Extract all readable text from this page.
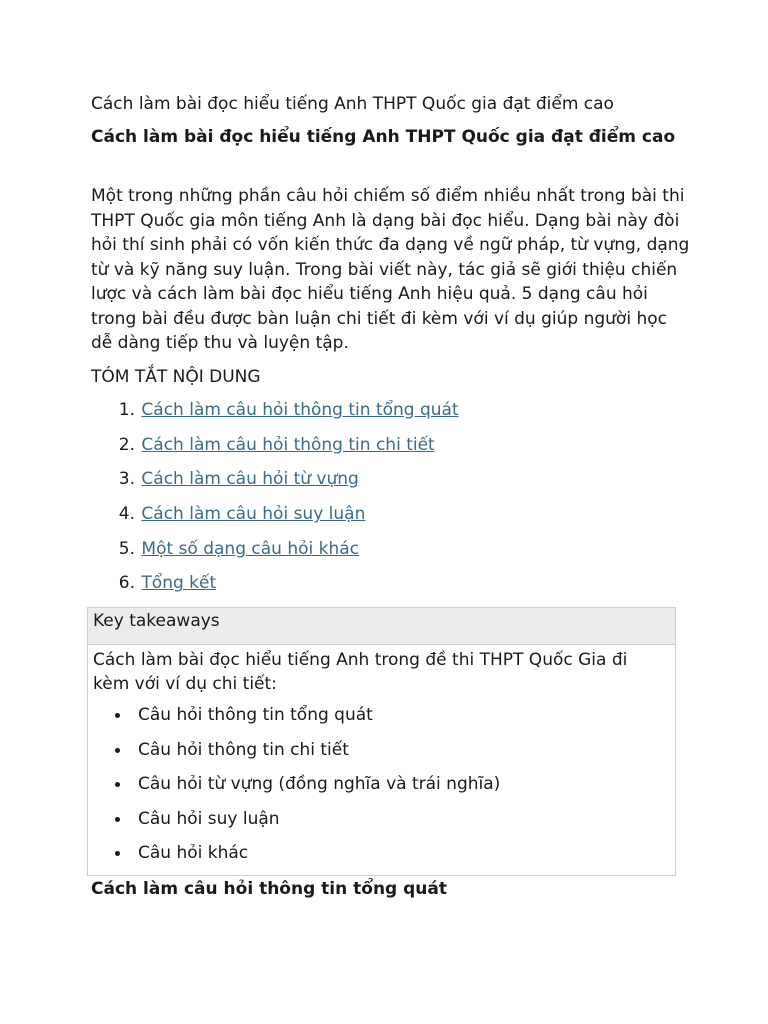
Cách làm bài đọc hiểu tiếng Anh THPT Quốc gia đạt điểm cao

Cách làm bài đọc hiểu tiếng Anh THPT Quốc gia đạt điểm cao

Một trong những phần câu hỏi chiếm số điểm nhiều nhất trong bài thi THPT Quốc gia môn tiếng Anh là dạng bài đọc hiểu. Dạng bài này đòi hỏi thí sinh phải có vốn kiến thức đa dạng về ngữ pháp, từ vựng, dạng từ và kỹ năng suy luận. Trong bài viết này, tác giả sẽ giới thiệu chiến lược và cách làm bài đọc hiểu tiếng Anh hiệu quả. 5 dạng câu hỏi trong bài đều được bàn luận chi tiết đi kèm với ví dụ giúp người học dễ dàng tiếp thu và luyện tập.

TÓM TẮT NỘI DUNG

1. Cách làm câu hỏi thông tin tổng quát
2. Cách làm câu hỏi thông tin chi tiết
3. Cách làm câu hỏi từ vựng
4. Cách làm câu hỏi suy luận
5. Một số dạng câu hỏi khác
6. Tổng kết
Key takeaways

Cách làm bài đọc hiểu tiếng Anh trong đề thi THPT Quốc Gia đi kèm với ví dụ chi tiết:

Câu hỏi thông tin tổng quát
Câu hỏi thông tin chi tiết
Câu hỏi từ vựng (đồng nghĩa và trái nghĩa)
Câu hỏi suy luận
Câu hỏi khác
Cách làm câu hỏi thông tin tổng quát
